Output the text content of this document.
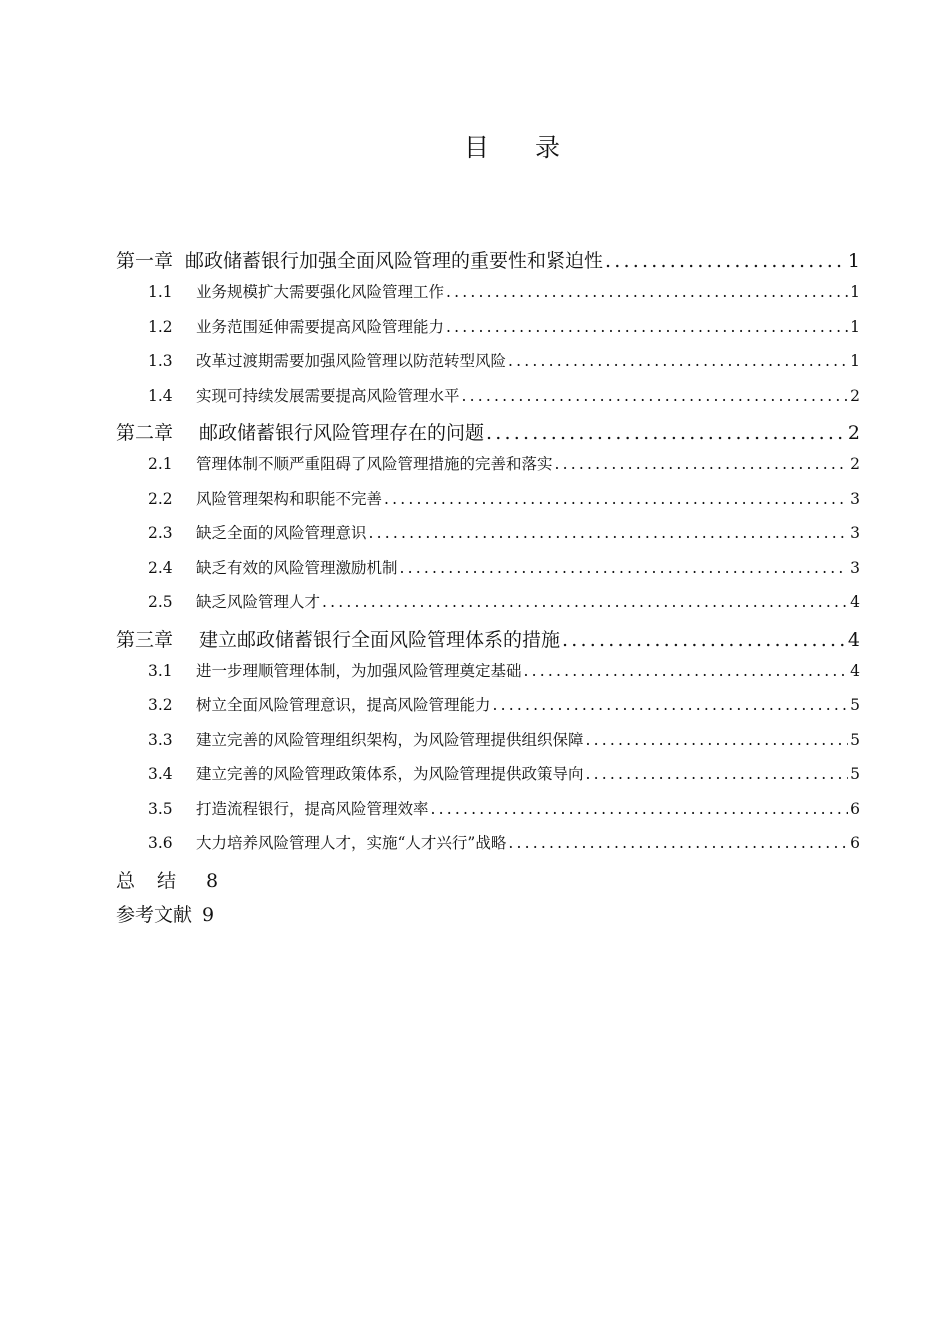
目 录
第一章 邮政储蓄银行加强全面风险管理的重要性和紧迫性 .....	1
1.1	业务规模扩大需要强化风险管理工作 .....	1
1.2	业务范围延伸需要提高风险管理能力 .....	1
1.3	改革过渡期需要加强风险管理以防范转型风险 .....	1
1.4	实现可持续发展需要提高风险管理水平 .....	2
第二章 邮政储蓄银行风险管理存在的问题 .....	2
2.1	管理体制不顺严重阻碍了风险管理措施的完善和落实 .....	2
2.2	风险管理架构和职能不完善 .....	3
2.3	缺乏全面的风险管理意识 .....	3
2.4	缺乏有效的风险管理激励机制 .....	3
2.5	缺乏风险管理人才 .....	4
第三章 建立邮政储蓄银行全面风险管理体系的措施 .....	4
3.1	进一步理顺管理体制，为加强风险管理奠定基础 .....	4
3.2	树立全面风险管理意识，提高风险管理能力 .....	5
3.3	建立完善的风险管理组织架构，为风险管理提供组织保障 .....	5
3.4	建立完善的风险管理政策体系，为风险管理提供政策导向 .....	5
3.5	打造流程银行，提高风险管理效率 .....	6
3.6	大力培养风险管理人才，实施“人才兴行”战略 .....	6
总 结 8
参考文献 9
